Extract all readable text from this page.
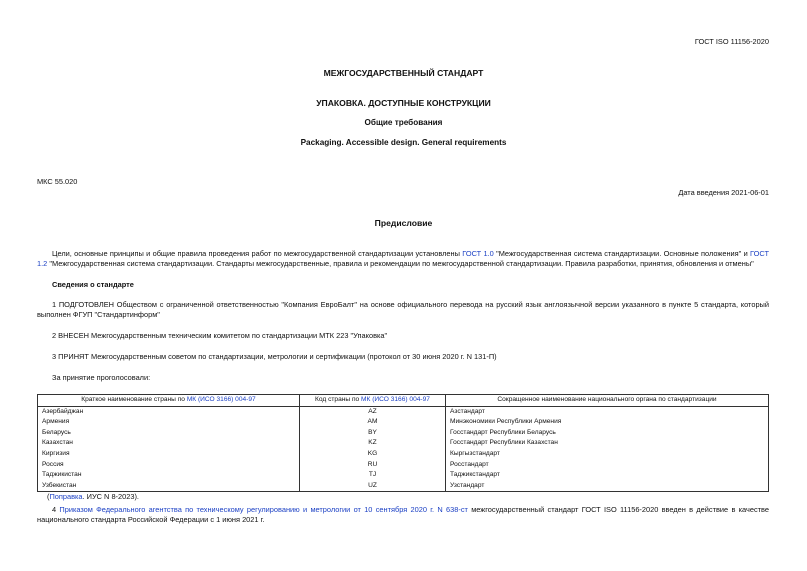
ГОСТ ISO 11156-2020
МЕЖГОСУДАРСТВЕННЫЙ СТАНДАРТ
УПАКОВКА. ДОСТУПНЫЕ КОНСТРУКЦИИ
Общие требования
Packaging. Accessible design. General requirements
МКС 55.020
Дата введения 2021-06-01
Предисловие
Цели, основные принципы и общие правила проведения работ по межгосударственной стандартизации установлены ГОСТ 1.0 "Межгосударственная система стандартизации. Основные положения" и ГОСТ 1.2 "Межгосударственная система стандартизации. Стандарты межгосударственные, правила и рекомендации по межгосударственной стандартизации. Правила разработки, принятия, обновления и отмены"
Сведения о стандарте
1 ПОДГОТОВЛЕН Обществом с ограниченной ответственностью "Компания ЕвроБалт" на основе официального перевода на русский язык англоязычной версии указанного в пункте 5 стандарта, который выполнен ФГУП "Стандартинформ"
2 ВНЕСЕН Межгосударственным техническим комитетом по стандартизации МТК 223 "Упаковка"
3 ПРИНЯТ Межгосударственным советом по стандартизации, метрологии и сертификации (протокол от 30 июня 2020 г. N 131-П)
За принятие проголосовали:
Краткое наименование страны по МК (ИСО 3166) 004-97	Код страны по МК (ИСО 3166) 004-97	Сокращенное наименование национального органа по стандартизации
Азербайджан	AZ	Азстандарт
Армения	AM	Минэкономики Республики Армения
Беларусь	BY	Госстандарт Республики Беларусь
Казахстан	KZ	Госстандарт Республики Казахстан
Киргизия	KG	Кыргызстандарт
Россия	RU	Росстандарт
Таджикистан	TJ	Таджикстандарт
Узбекистан	UZ	Узстандарт
(Поправка. ИУС N 8-2023).
4 Приказом Федерального агентства по техническому регулированию и метрологии от 10 сентября 2020 г. N 638-ст межгосударственный стандарт ГОСТ ISO 11156-2020 введен в действие в качестве национального стандарта Российской Федерации с 1 июня 2021 г.
